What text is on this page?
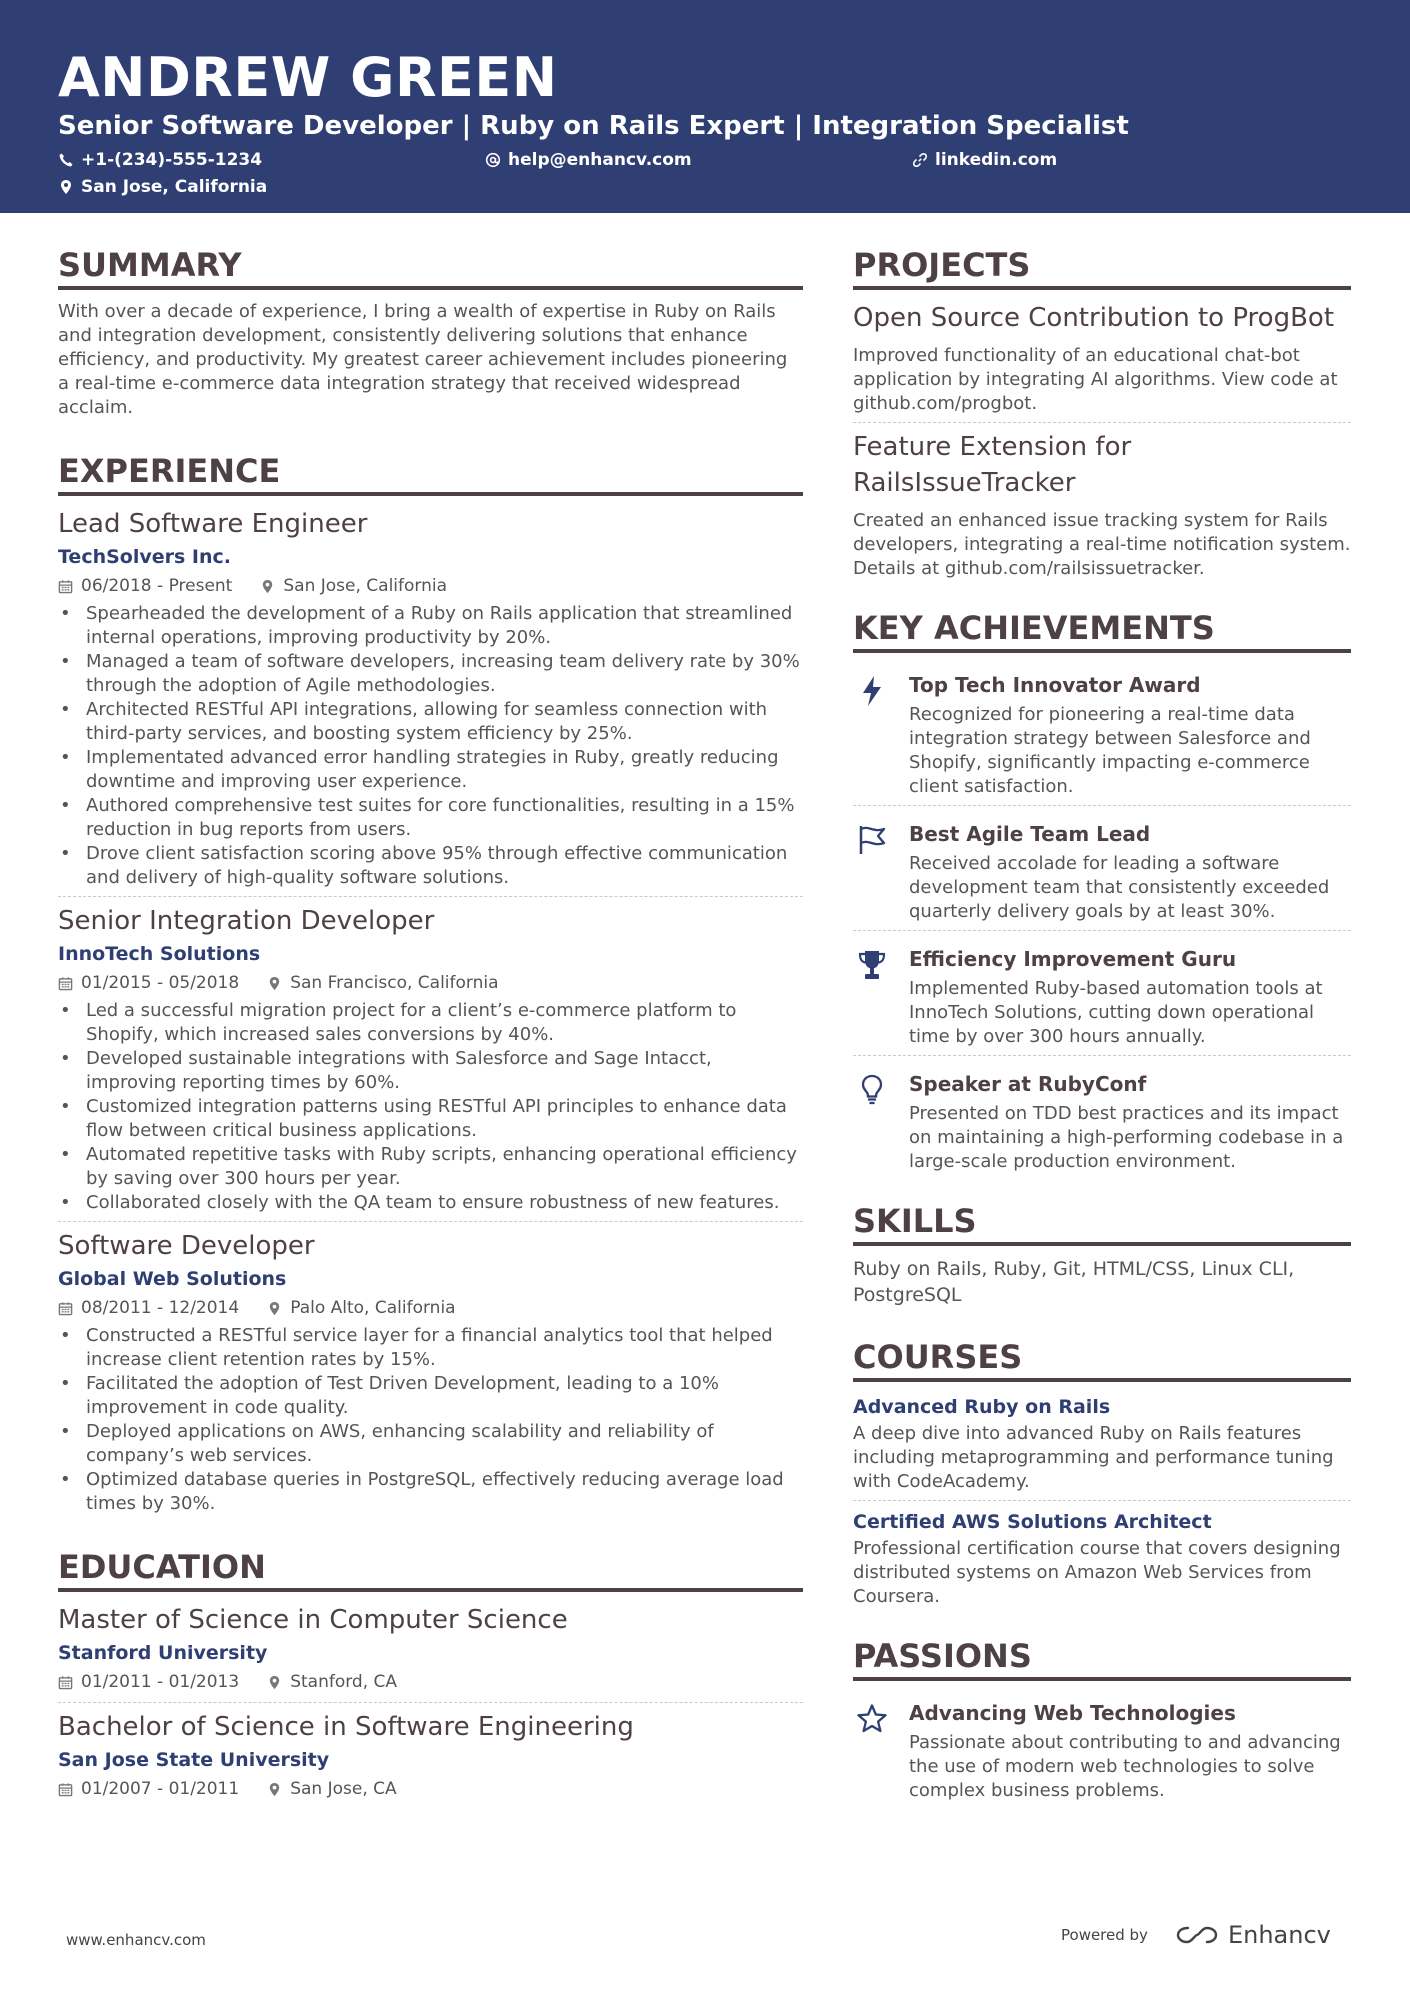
ANDREW GREEN
Senior Software Developer | Ruby on Rails Expert | Integration Specialist
+1-(234)-555-1234	help@enhancv.com	linkedin.com
San Jose, California
SUMMARY
With over a decade of experience, I bring a wealth of expertise in Ruby on Rails and integration development, consistently delivering solutions that enhance efficiency, and productivity. My greatest career achievement includes pioneering a real-time e-commerce data integration strategy that received widespread acclaim.
EXPERIENCE
Lead Software Engineer
TechSolvers Inc.
06/2018 - Present	San Jose, California
• Spearheaded the development of a Ruby on Rails application that streamlined internal operations, improving productivity by 20%.
• Managed a team of software developers, increasing team delivery rate by 30% through the adoption of Agile methodologies.
• Architected RESTful API integrations, allowing for seamless connection with third-party services, and boosting system efficiency by 25%.
• Implementated advanced error handling strategies in Ruby, greatly reducing downtime and improving user experience.
• Authored comprehensive test suites for core functionalities, resulting in a 15% reduction in bug reports from users.
• Drove client satisfaction scoring above 95% through effective communication and delivery of high-quality software solutions.
Senior Integration Developer
InnoTech Solutions
01/2015 - 05/2018	San Francisco, California
• Led a successful migration project for a client’s e-commerce platform to Shopify, which increased sales conversions by 40%.
• Developed sustainable integrations with Salesforce and Sage Intacct, improving reporting times by 60%.
• Customized integration patterns using RESTful API principles to enhance data flow between critical business applications.
• Automated repetitive tasks with Ruby scripts, enhancing operational efficiency by saving over 300 hours per year.
• Collaborated closely with the QA team to ensure robustness of new features.
Software Developer
Global Web Solutions
08/2011 - 12/2014	Palo Alto, California
• Constructed a RESTful service layer for a financial analytics tool that helped increase client retention rates by 15%.
• Facilitated the adoption of Test Driven Development, leading to a 10% improvement in code quality.
• Deployed applications on AWS, enhancing scalability and reliability of company’s web services.
• Optimized database queries in PostgreSQL, effectively reducing average load times by 30%.
EDUCATION
Master of Science in Computer Science
Stanford University
01/2011 - 01/2013	Stanford, CA
Bachelor of Science in Software Engineering
San Jose State University
01/2007 - 01/2011	San Jose, CA
PROJECTS
Open Source Contribution to ProgBot
Improved functionality of an educational chat-bot application by integrating AI algorithms. View code at github.com/progbot.
Feature Extension for RailsIssueTracker
Created an enhanced issue tracking system for Rails developers, integrating a real-time notification system. Details at github.com/railsissuetracker.
KEY ACHIEVEMENTS
Top Tech Innovator Award
Recognized for pioneering a real-time data integration strategy between Salesforce and Shopify, significantly impacting e-commerce client satisfaction.
Best Agile Team Lead
Received accolade for leading a software development team that consistently exceeded quarterly delivery goals by at least 30%.
Efficiency Improvement Guru
Implemented Ruby-based automation tools at InnoTech Solutions, cutting down operational time by over 300 hours annually.
Speaker at RubyConf
Presented on TDD best practices and its impact on maintaining a high-performing codebase in a large-scale production environment.
SKILLS
Ruby on Rails, Ruby, Git, HTML/CSS, Linux CLI, PostgreSQL
COURSES
Advanced Ruby on Rails
A deep dive into advanced Ruby on Rails features including metaprogramming and performance tuning with CodeAcademy.
Certified AWS Solutions Architect
Professional certification course that covers designing distributed systems on Amazon Web Services from Coursera.
PASSIONS
Advancing Web Technologies
Passionate about contributing to and advancing the use of modern web technologies to solve complex business problems.
www.enhancv.com	Powered by	Enhancv
